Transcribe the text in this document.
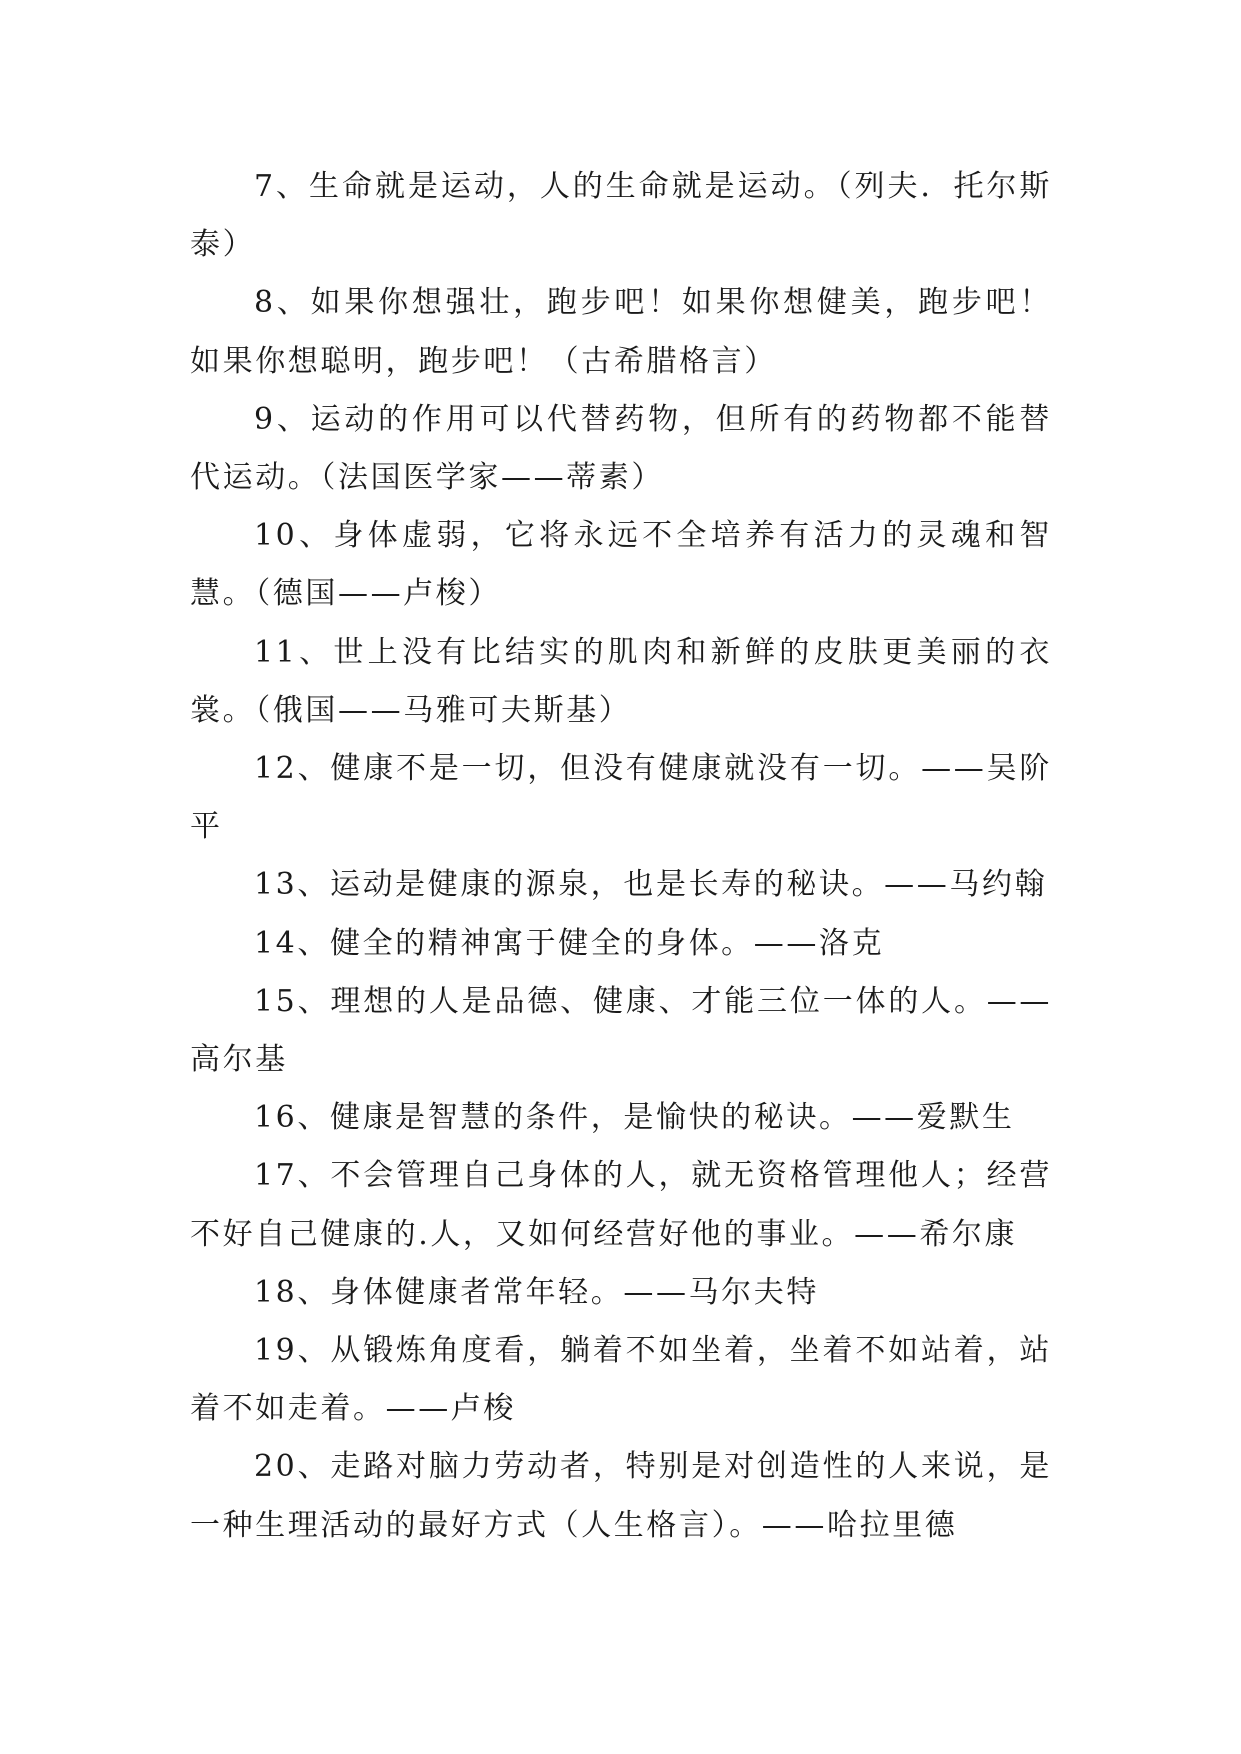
7、生命就是运动，人的生命就是运动。（列夫．托尔斯泰）

8、如果你想强壮，跑步吧！如果你想健美，跑步吧！如果你想聪明，跑步吧！（古希腊格言）

9、运动的作用可以代替药物，但所有的药物都不能替代运动。（法国医学家——蒂素）

10、身体虚弱，它将永远不全培养有活力的灵魂和智慧。（德国——卢梭）

11、世上没有比结实的肌肉和新鲜的皮肤更美丽的衣裳。（俄国——马雅可夫斯基）

12、健康不是一切，但没有健康就没有一切。——吴阶平

13、运动是健康的源泉，也是长寿的秘诀。——马约翰

14、健全的精神寓于健全的身体。——洛克

15、理想的人是品德、健康、才能三位一体的人。——高尔基

16、健康是智慧的条件，是愉快的秘诀。——爱默生

17、不会管理自己身体的人，就无资格管理他人；经营不好自己健康的.人，又如何经营好他的事业。——希尔康

18、身体健康者常年轻。——马尔夫特

19、从锻炼角度看，躺着不如坐着，坐着不如站着，站着不如走着。——卢梭

20、走路对脑力劳动者，特别是对创造性的人来说，是一种生理活动的最好方式（人生格言）。——哈拉里德
